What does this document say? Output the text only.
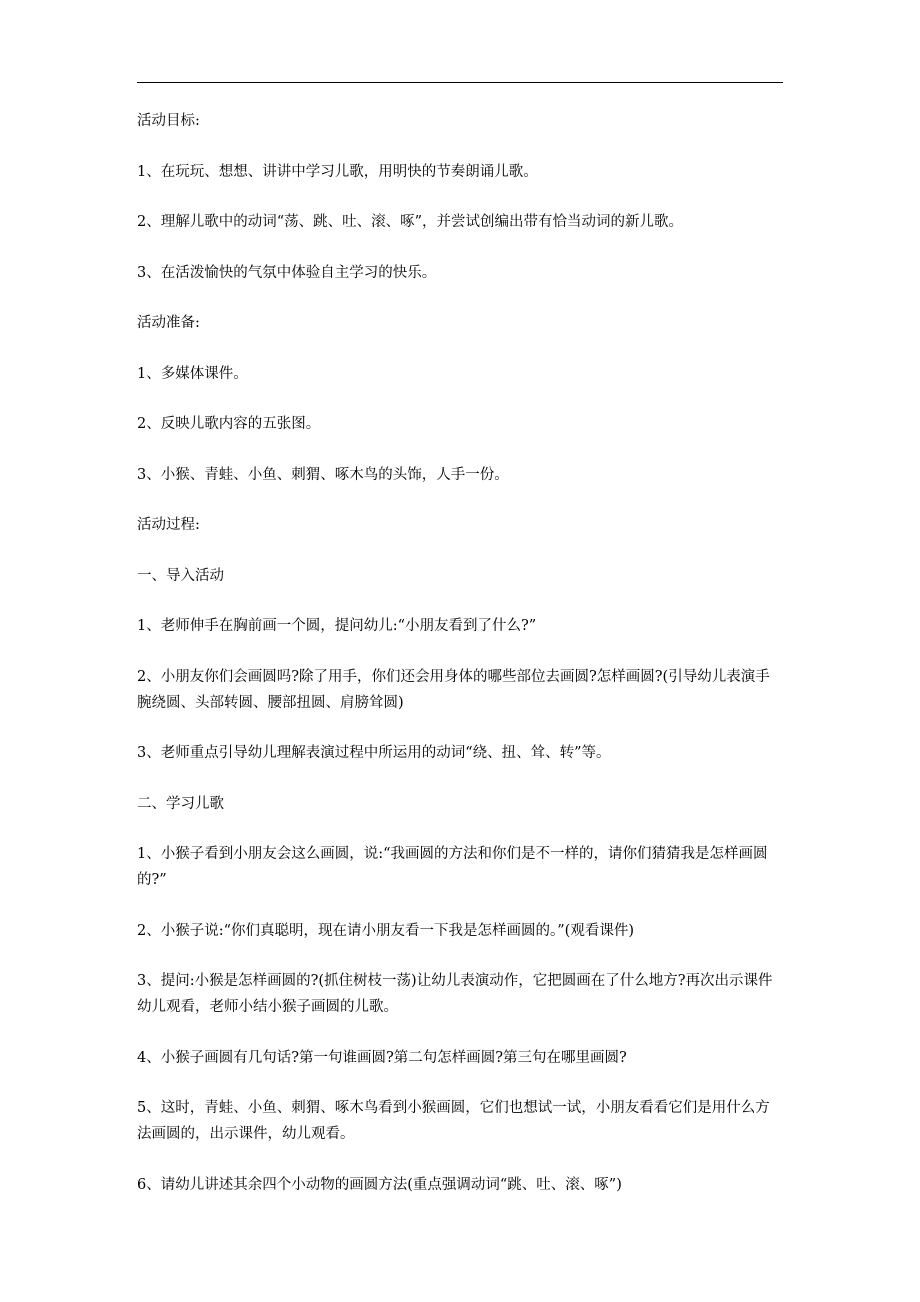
活动目标:

1、在玩玩、想想、讲讲中学习儿歌，用明快的节奏朗诵儿歌。

2、理解儿歌中的动词“荡、跳、吐、滚、啄”，并尝试创编出带有恰当动词的新儿歌。

3、在活泼愉快的气氛中体验自主学习的快乐。

活动准备:

1、多媒体课件。

2、反映儿歌内容的五张图。

3、小猴、青蛙、小鱼、刺猬、啄木鸟的头饰，人手一份。

活动过程:

一、导入活动

1、老师伸手在胸前画一个圆，提问幼儿:“小朋友看到了什么?”

2、小朋友你们会画圆吗?除了用手，你们还会用身体的哪些部位去画圆?怎样画圆?(引导幼儿表演手腕绕圆、头部转圆、腰部扭圆、肩膀耸圆)

3、老师重点引导幼儿理解表演过程中所运用的动词“绕、扭、耸、转”等。

二、学习儿歌

1、小猴子看到小朋友会这么画圆，说:“我画圆的方法和你们是不一样的，请你们猜猜我是怎样画圆的?”

2、小猴子说:“你们真聪明，现在请小朋友看一下我是怎样画圆的。”(观看课件)

3、提问:小猴是怎样画圆的?(抓住树枝一荡)让幼儿表演动作，它把圆画在了什么地方?再次出示课件幼儿观看，老师小结小猴子画圆的儿歌。

4、小猴子画圆有几句话?第一句谁画圆?第二句怎样画圆?第三句在哪里画圆?

5、这时，青蛙、小鱼、刺猬、啄木鸟看到小猴画圆，它们也想试一试，小朋友看看它们是用什么方法画圆的，出示课件，幼儿观看。

6、请幼儿讲述其余四个小动物的画圆方法(重点强调动词“跳、吐、滚、啄”)
